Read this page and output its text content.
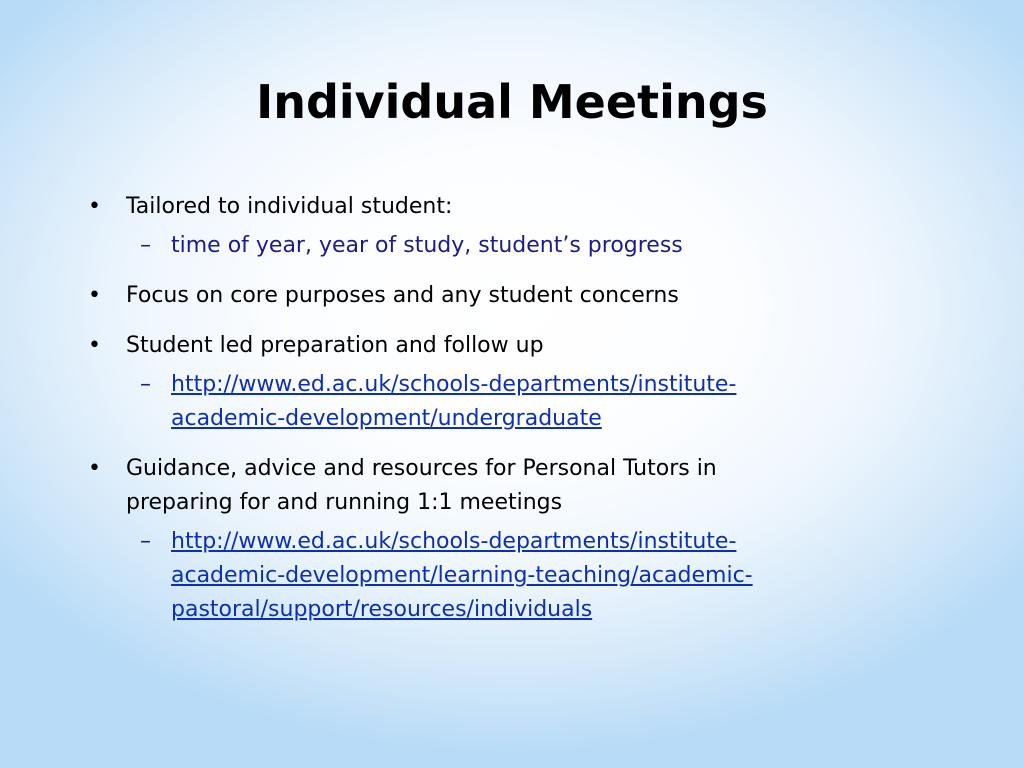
Individual Meetings
• Tailored to individual student:
– time of year, year of study, student’s progress
• Focus on core purposes and any student concerns
• Student led preparation and follow up
– http://www.ed.ac.uk/schools-departments/institute-
academic-development/undergraduate
• Guidance, advice and resources for Personal Tutors in
preparing for and running 1:1 meetings
– http://www.ed.ac.uk/schools-departments/institute-
academic-development/learning-teaching/academic-
pastoral/support/resources/individuals
